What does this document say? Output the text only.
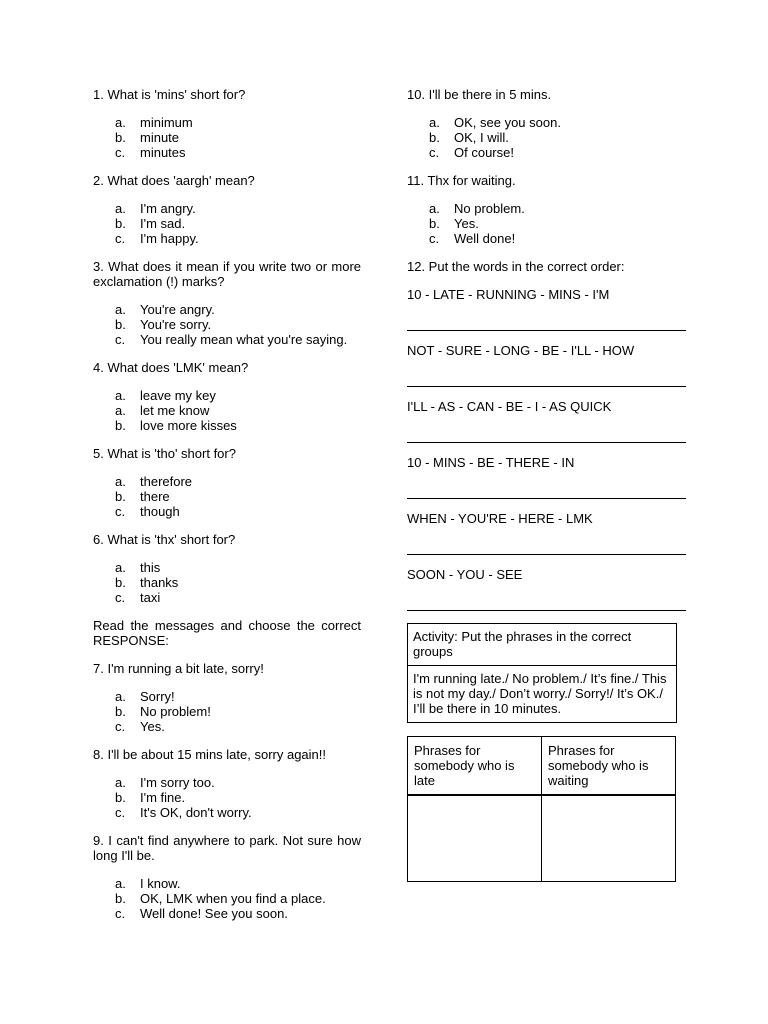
1. What is 'mins' short for?

a.	minimum
b.	minute
c.	minutes

2. What does 'aargh' mean?

a.	I'm angry.
b.	I'm sad.
c.	I'm happy.

3. What does it mean if you write two or more exclamation (!) marks?

a.	You're angry.
b.	You're sorry.
c.	You really mean what you're saying.

4. What does 'LMK' mean?

a.	leave my key
a.	let me know
b.	love more kisses

5. What is 'tho' short for?

a.	therefore
b.	there
c.	though

6. What is 'thx' short for?

a.	this
b.	thanks
c.	taxi

Read the messages and choose the correct RESPONSE:

7. I'm running a bit late, sorry!

a.	Sorry!
b.	No problem!
c.	Yes.

8. I'll be about 15 mins late, sorry again!!

a.	I'm sorry too.
b.	I'm fine.
c.	It's OK, don't worry.

9. I can't find anywhere to park. Not sure how long I'll be.

a.	I know.
b.	OK, LMK when you find a place.
c.	Well done! See you soon.

10. I'll be there in 5 mins.

a.	OK, see you soon.
b.	OK, I will.
c.	Of course!

11. Thx for waiting.

a.	No problem.
b.	Yes.
c.	Well done!

12. Put the words in the correct order:

10 - LATE - RUNNING - MINS - I'M

NOT - SURE - LONG - BE - I'LL - HOW

I'LL - AS - CAN - BE - I - AS QUICK

10 - MINS - BE - THERE - IN

WHEN - YOU'RE - HERE - LMK

SOON - YOU - SEE

Activity: Put the phrases in the correct groups
I'm running late./ No problem./ It’s fine./ This is not my day./ Don’t worry./ Sorry!/ It’s OK./ I’ll be there in 10 minutes.
Phrases for somebody who is late	Phrases for somebody who is waiting
